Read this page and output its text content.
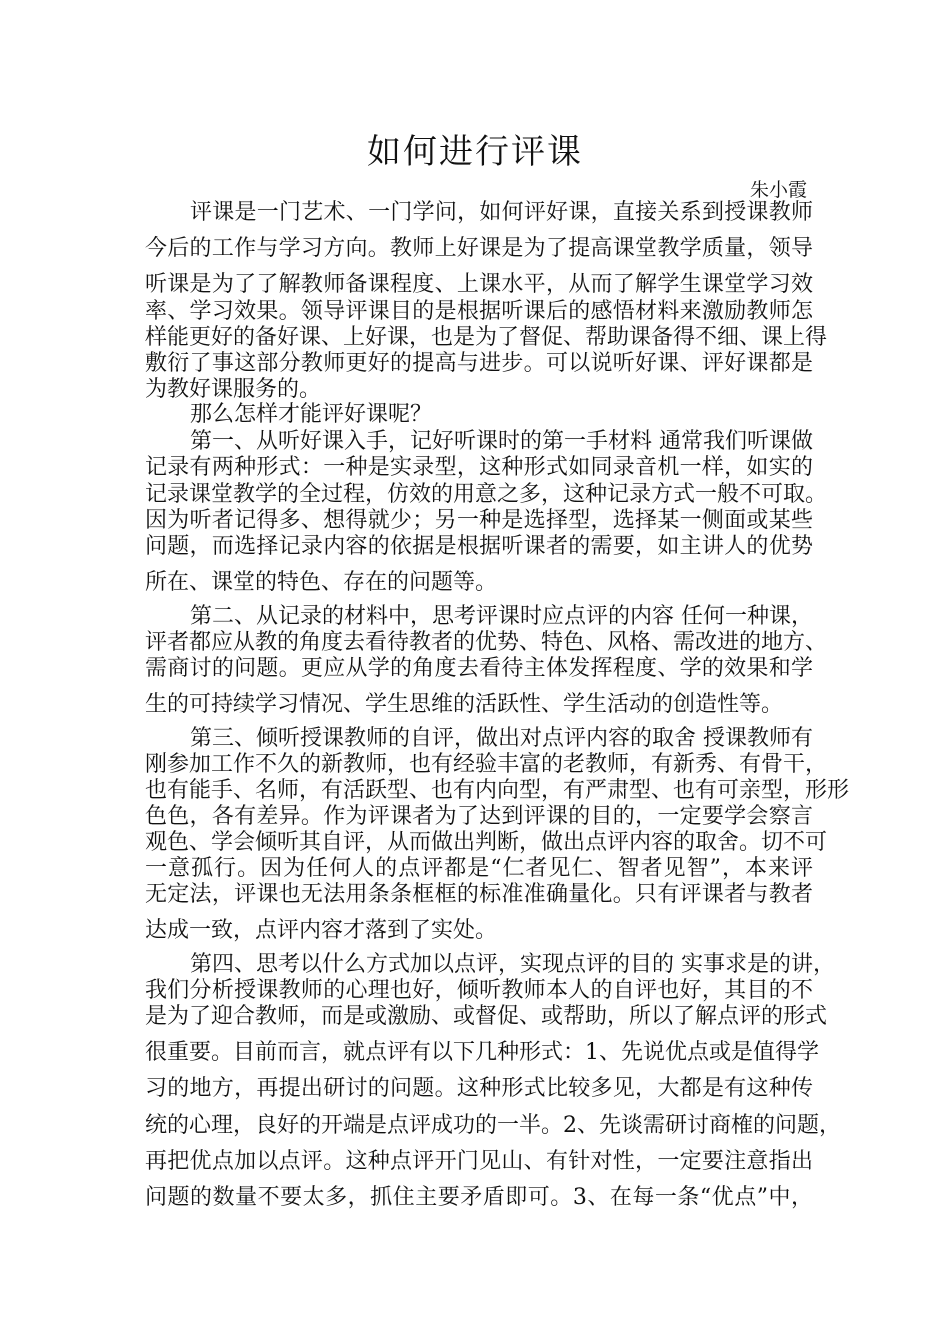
如何进行评课
朱小霞
评课是一门艺术、一门学问，如何评好课，直接关系到授课教师
今后的工作与学习方向。教师上好课是为了提高课堂教学质量，领导
听课是为了了解教师备课程度、上课水平，从而了解学生课堂学习效
率、学习效果。领导评课目的是根据听课后的感悟材料来激励教师怎
样能更好的备好课、上好课，也是为了督促、帮助课备得不细、课上得
敷衍了事这部分教师更好的提高与进步。可以说听好课、评好课都是
为教好课服务的。
那么怎样才能评好课呢？
第一、从听好课入手，记好听课时的第一手材料 通常我们听课做
记录有两种形式：一种是实录型，这种形式如同录音机一样，如实的
记录课堂教学的全过程，仿效的用意之多，这种记录方式一般不可取。
因为听者记得多、想得就少；另一种是选择型，选择某一侧面或某些
问题，而选择记录内容的依据是根据听课者的需要，如主讲人的优势
所在、课堂的特色、存在的问题等。
第二、从记录的材料中，思考评课时应点评的内容 任何一种课，
评者都应从教的角度去看待教者的优势、特色、风格、需改进的地方、
需商讨的问题。更应从学的角度去看待主体发挥程度、学的效果和学
生的可持续学习情况、学生思维的活跃性、学生活动的创造性等。
第三、倾听授课教师的自评，做出对点评内容的取舍 授课教师有
刚参加工作不久的新教师，也有经验丰富的老教师，有新秀、有骨干，
也有能手、名师，有活跃型、也有内向型，有严肃型、也有可亲型，形形
色色，各有差异。作为评课者为了达到评课的目的，一定要学会察言
观色、学会倾听其自评，从而做出判断，做出点评内容的取舍。切不可
一意孤行。因为任何人的点评都是“仁者见仁、智者见智”，本来评
无定法，评课也无法用条条框框的标准准确量化。只有评课者与教者
达成一致，点评内容才落到了实处。
第四、思考以什么方式加以点评，实现点评的目的 实事求是的讲，
我们分析授课教师的心理也好，倾听教师本人的自评也好，其目的不
是为了迎合教师，而是或激励、或督促、或帮助，所以了解点评的形式
很重要。目前而言，就点评有以下几种形式：1、先说优点或是值得学
习的地方，再提出研讨的问题。这种形式比较多见，大都是有这种传
统的心理，良好的开端是点评成功的一半。2、先谈需研讨商榷的问题，
再把优点加以点评。这种点评开门见山、有针对性，一定要注意指出
问题的数量不要太多，抓住主要矛盾即可。3、在每一条“优点”中，
